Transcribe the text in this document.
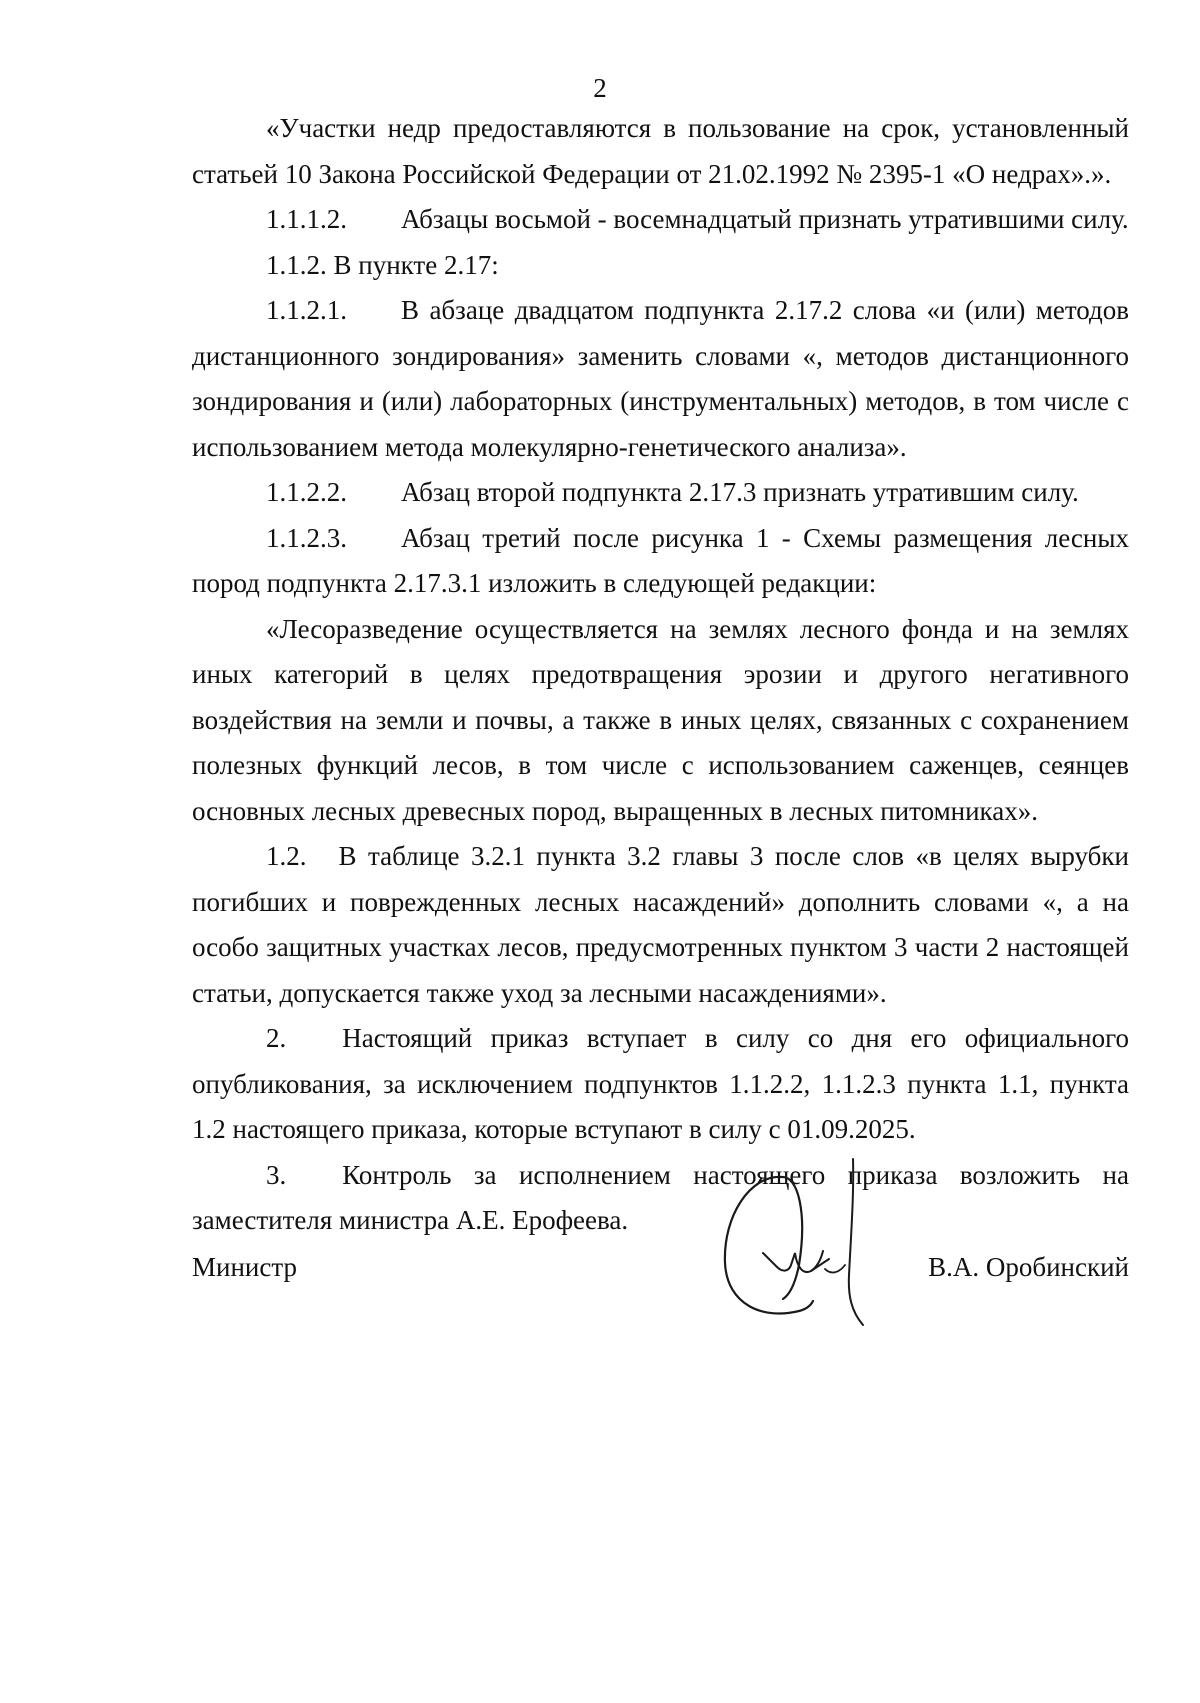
2

«Участки недр предоставляются в пользование на срок, установленный статьей 10 Закона Российской Федерации от 21.02.1992 № 2395-1 «О недрах».».

1.1.1.2. Абзацы восьмой - восемнадцатый признать утратившими силу.

1.1.2. В пункте 2.17:

1.1.2.1. В абзаце двадцатом подпункта 2.17.2 слова «и (или) методов дистанционного зондирования» заменить словами «, методов дистанционного зондирования и (или) лабораторных (инструментальных) методов, в том числе с использованием метода молекулярно-генетического анализа».

1.1.2.2. Абзац второй подпункта 2.17.3 признать утратившим силу.

1.1.2.3. Абзац третий после рисунка 1 - Схемы размещения лесных пород подпункта 2.17.3.1 изложить в следующей редакции:

«Лесоразведение осуществляется на землях лесного фонда и на землях иных категорий в целях предотвращения эрозии и другого негативного воздействия на земли и почвы, а также в иных целях, связанных с сохранением полезных функций лесов, в том числе с использованием саженцев, сеянцев основных лесных древесных пород, выращенных в лесных питомниках».

1.2. В таблице 3.2.1 пункта 3.2 главы 3 после слов «в целях вырубки погибших и поврежденных лесных насаждений» дополнить словами «, а на особо защитных участках лесов, предусмотренных пунктом 3 части 2 настоящей статьи, допускается также уход за лесными насаждениями».

2. Настоящий приказ вступает в силу со дня его официального опубликования, за исключением подпунктов 1.1.2.2, 1.1.2.3 пункта 1.1, пункта 1.2 настоящего приказа, которые вступают в силу с 01.09.2025.

3. Контроль за исполнением настоящего приказа возложить на заместителя министра А.Е. Ерофеева.

Министр	В.А. Оробинский
